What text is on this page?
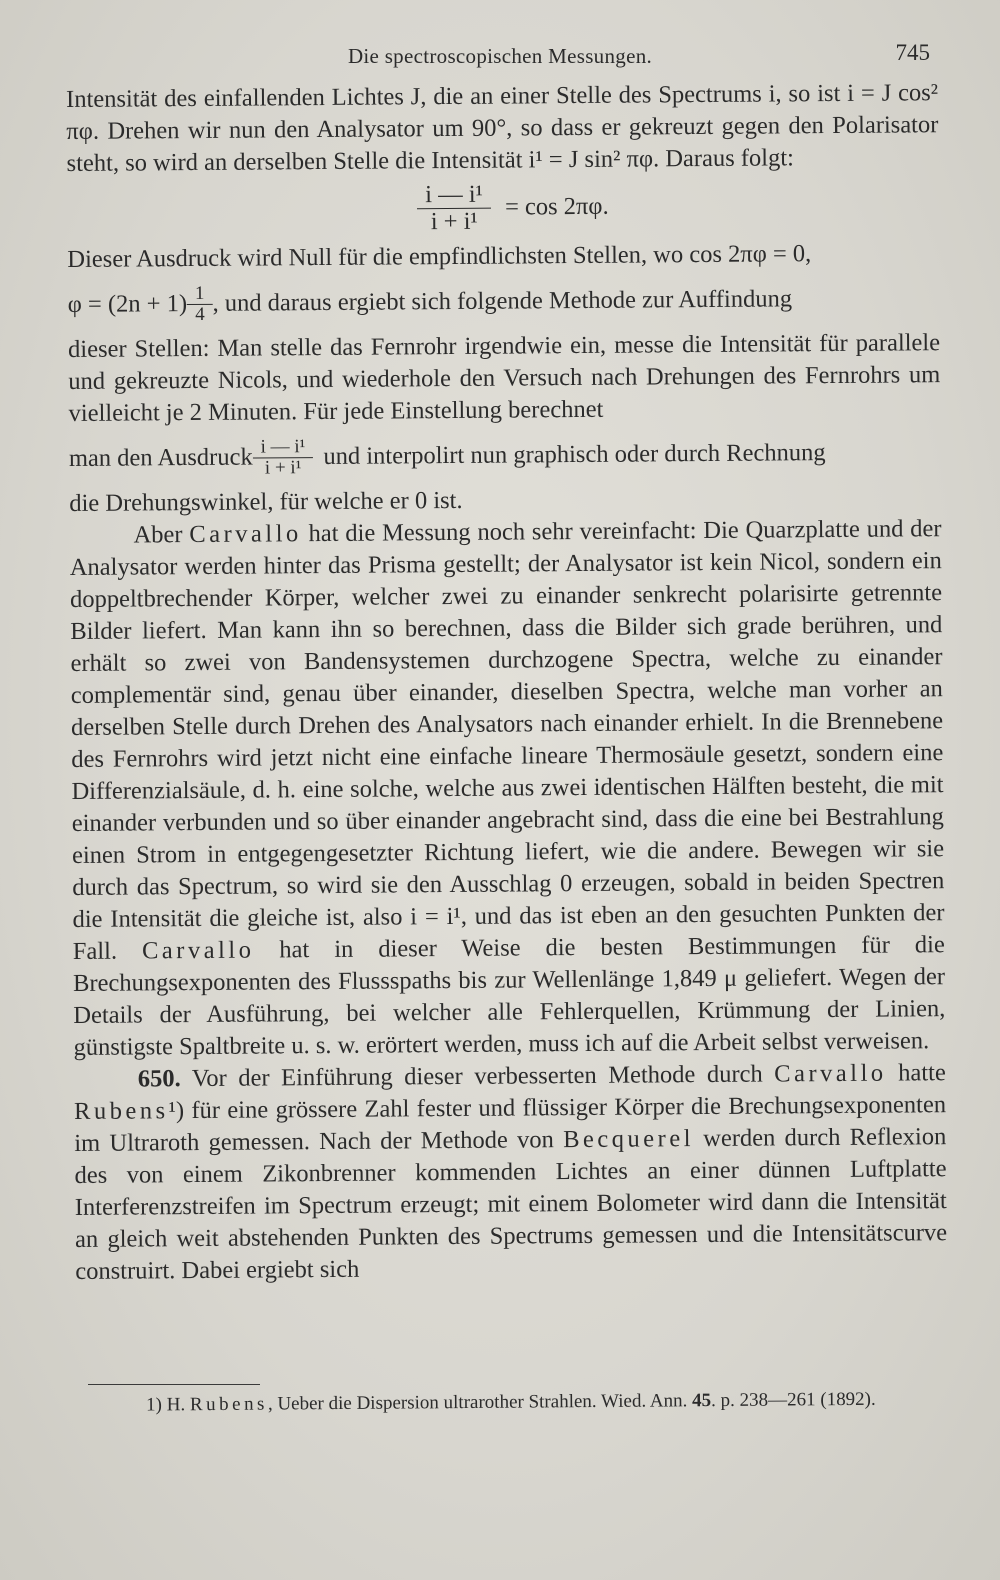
Die spectroscopischen Messungen.	745

Intensität des einfallenden Lichtes J, die an einer Stelle des Spectrums i, so ist i = J cos² πφ. Drehen wir nun den Analysator um 90°, so dass er gekreuzt gegen den Polarisator steht, so wird an derselben Stelle die Intensität i¹ = J sin² πφ. Daraus folgt:

$\frac{\text{i — i¹}}{\text{i + i¹}} = \cos 2\pi\varphi$.

Dieser Ausdruck wird Null für die empfindlichsten Stellen, wo cos 2πφ = 0,

$\varphi = (2n + 1) \frac{1}{4}$ , und daraus ergiebt sich folgende Methode zur Auffindung

dieser Stellen: Man stelle das Fernrohr irgendwie ein, messe die Intensität für parallele und gekreuzte Nicols, und wiederhole den Versuch nach Drehungen des Fernrohrs um vielleicht je 2 Minuten. Für jede Einstellung berechnet

man den Ausdruck $\frac{\text{i — i¹}}{\text{i + i¹}}$ und interpolirt nun graphisch oder durch Rechnung

die Drehungswinkel, für welche er 0 ist.

Aber Carvallo hat die Messung noch sehr vereinfacht: Die Quarzplatte und der Analysator werden hinter das Prisma gestellt; der Analysator ist kein Nicol, sondern ein doppeltbrechender Körper, welcher zwei zu einander senkrecht polarisirte getrennte Bilder liefert. Man kann ihn so berechnen, dass die Bilder sich grade berühren, und erhält so zwei von Bandensystemen durchzogene Spectra, welche zu einander complementär sind, genau über einander, dieselben Spectra, welche man vorher an derselben Stelle durch Drehen des Analysators nach einander erhielt. In die Brennebene des Fernrohrs wird jetzt nicht eine einfache lineare Thermosäule gesetzt, sondern eine Differenzialsäule, d. h. eine solche, welche aus zwei identischen Hälften besteht, die mit einander verbunden und so über einander angebracht sind, dass die eine bei Bestrahlung einen Strom in entgegengesetzter Richtung liefert, wie die andere. Bewegen wir sie durch das Spectrum, so wird sie den Ausschlag 0 erzeugen, sobald in beiden Spectren die Intensität die gleiche ist, also i = i¹, und das ist eben an den gesuchten Punkten der Fall. Carvallo hat in dieser Weise die besten Bestimmungen für die Brechungsexponenten des Flussspaths bis zur Wellenlänge 1,849 μ geliefert. Wegen der Details der Ausführung, bei welcher alle Fehlerquellen, Krümmung der Linien, günstigste Spaltbreite u. s. w. erörtert werden, muss ich auf die Arbeit selbst verweisen.

650. Vor der Einführung dieser verbesserten Methode durch Carvallo hatte Rubens¹) für eine grössere Zahl fester und flüssiger Körper die Brechungsexponenten im Ultraroth gemessen. Nach der Methode von Becquerel werden durch Reflexion des von einem Zikonbrenner kommenden Lichtes an einer dünnen Luftplatte Interferenzstreifen im Spectrum erzeugt; mit einem Bolometer wird dann die Intensität an gleich weit abstehenden Punkten des Spectrums gemessen und die Intensitätscurve construirt. Dabei ergiebt sich

1) H. Rubens, Ueber die Dispersion ultrarother Strahlen. Wied. Ann. 45. p. 238—261 (1892).
